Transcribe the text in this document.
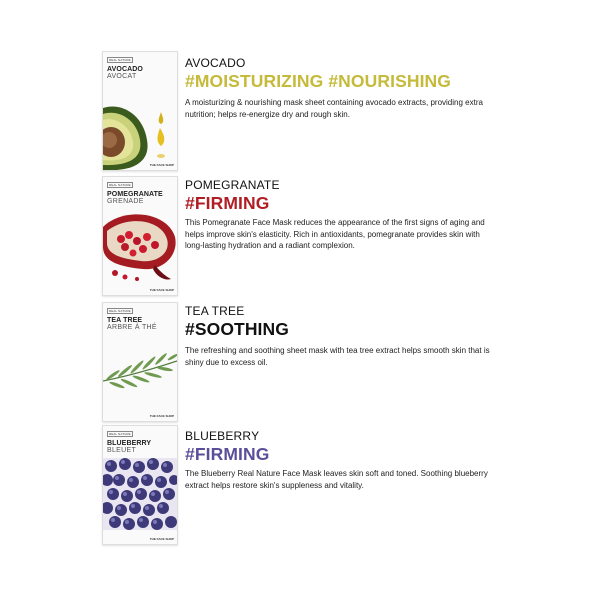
REAL NATURE
AVOCADO
AVOCAT
THE FACE SHOP
AVOCADO
#MOISTURIZING #NOURISHING
A moisturizing & nourishing mask sheet containing avocado extracts, providing extra nutrition; helps re-energize dry and rough skin.
REAL NATURE
POMEGRANATE
GRENADE
THE FACE SHOP
POMEGRANATE
#FIRMING
This Pomegranate Face Mask reduces the appearance of the first signs of aging and helps improve skin's elasticity. Rich in antioxidants, pomegranate provides skin with long-lasting hydration and a radiant complexion.
REAL NATURE
TEA TREE
ARBRE À THÉ
THE FACE SHOP
TEA TREE
#SOOTHING
The refreshing and soothing sheet mask with tea tree extract helps smooth skin that is shiny due to excess oil.
REAL NATURE
BLUEBERRY
BLEUET
THE FACE SHOP
BLUEBERRY
#FIRMING
The Blueberry Real Nature Face Mask leaves skin soft and toned. Soothing blueberry extract helps restore skin's suppleness and vitality.
